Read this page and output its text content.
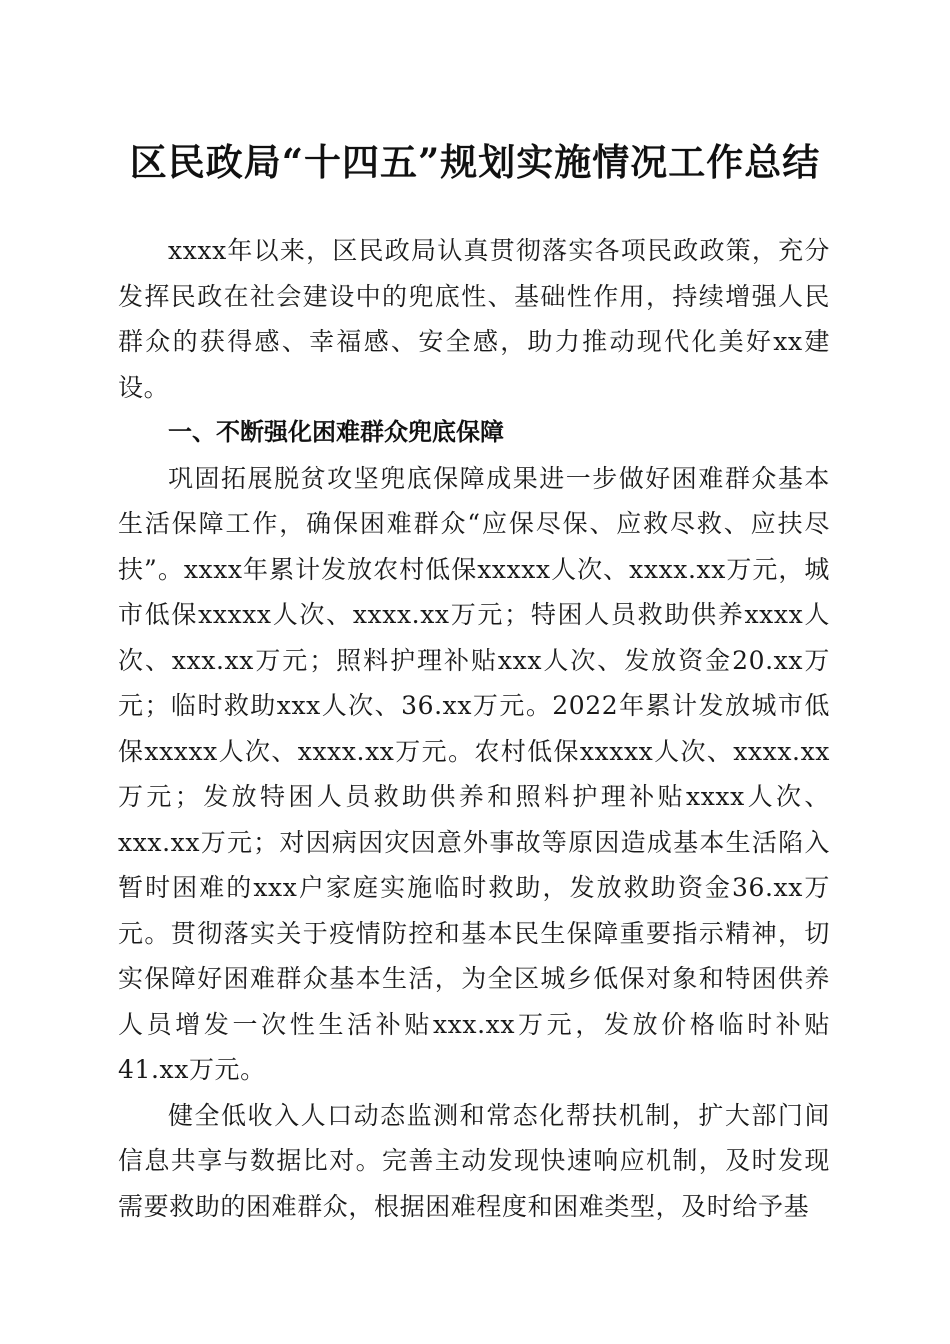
区民政局“十四五”规划实施情况工作总结

xxxx年以来，区民政局认真贯彻落实各项民政政策，充分发挥民政在社会建设中的兜底性、基础性作用，持续增强人民群众的获得感、幸福感、安全感，助力推动现代化美好xx建设。

一、不断强化困难群众兜底保障

巩固拓展脱贫攻坚兜底保障成果进一步做好困难群众基本生活保障工作，确保困难群众“应保尽保、应救尽救、应扶尽扶”。xxxx年累计发放农村低保xxxxx人次、xxxx.xx万元，城市低保xxxxx人次、xxxx.xx万元；特困人员救助供养xxxx人次、xxx.xx万元；照料护理补贴xxx人次、发放资金20.xx万元；临时救助xxx人次、36.xx万元。2022年累计发放城市低保xxxxx人次、xxxx.xx万元。农村低保xxxxx人次、xxxx.xx万元；发放特困人员救助供养和照料护理补贴xxxx人次、xxx.xx万元；对因病因灾因意外事故等原因造成基本生活陷入暂时困难的xxx户家庭实施临时救助，发放救助资金36.xx万元。贯彻落实关于疫情防控和基本民生保障重要指示精神，切实保障好困难群众基本生活，为全区城乡低保对象和特困供养人员增发一次性生活补贴xxx.xx万元，发放价格临时补贴41.xx万元。

健全低收入人口动态监测和常态化帮扶机制，扩大部门间信息共享与数据比对。完善主动发现快速响应机制，及时发现需要救助的困难群众，根据困难程度和困难类型，及时给予基
